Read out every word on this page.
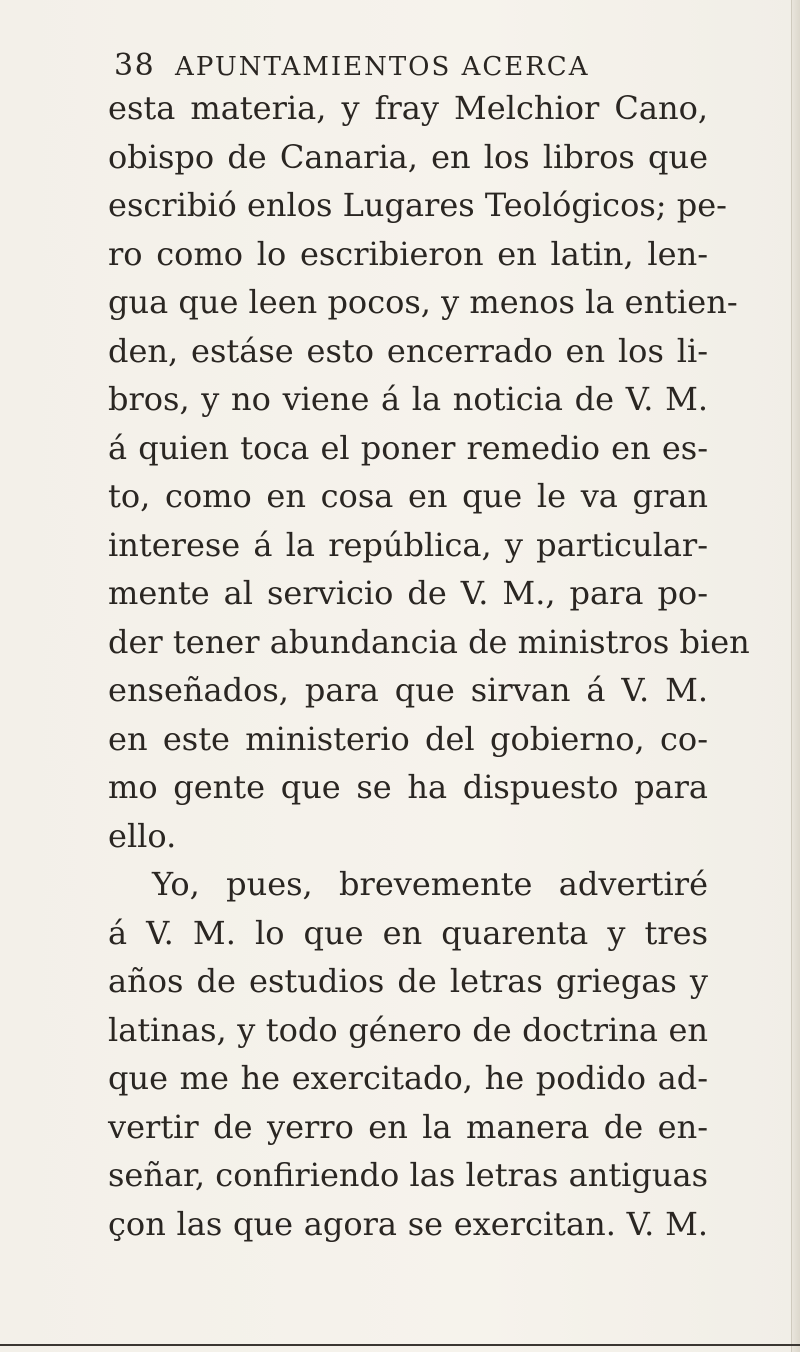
38 APUNTAMIENTOS ACERCA
esta materia, y fray Melchior Cano,
obispo de Canaria, en los libros que
escribió enlos Lugares Teológicos; pe-
ro como lo escribieron en latin, len-
gua que leen pocos, y menos la entien-
den, estáse esto encerrado en los li-
bros, y no viene á la noticia de V. M.
á quien toca el poner remedio en es-
to, como en cosa en que le va gran
interese á la república, y particular-
mente al servicio de V. M., para po-
der tener abundancia de ministros bien
enseñados, para que sirvan á V. M.
en este ministerio del gobierno, co-
mo gente que se ha dispuesto para
ello.
Yo, pues, brevemente advertiré
á V. M. lo que en quarenta y tres
años de estudios de letras griegas y
latinas, y todo género de doctrina en
que me he exercitado, he podido ad-
vertir de yerro en la manera de en-
señar, confiriendo las letras antiguas
çon las que agora se exercitan. V. M.
